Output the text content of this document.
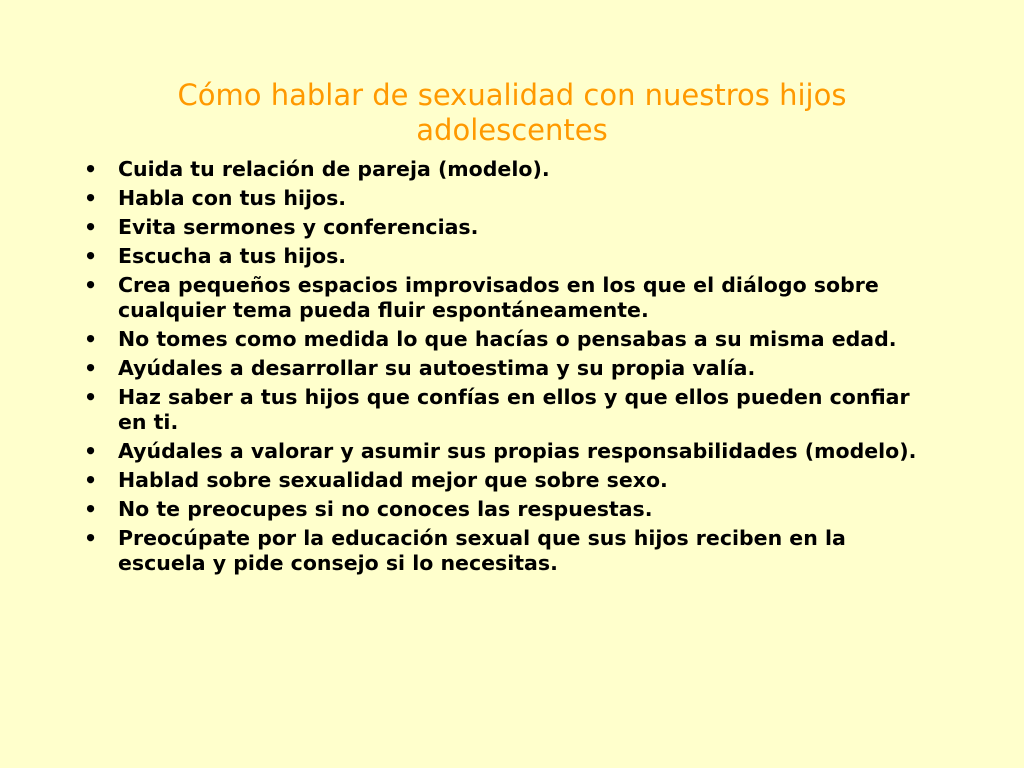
Cómo hablar de sexualidad con nuestros hijos
adolescentes
• Cuida tu relación de pareja (modelo).
• Habla con tus hijos.
• Evita sermones y conferencias.
• Escucha a tus hijos.
• Crea pequeños espacios improvisados en los que el diálogo sobre cualquier tema pueda fluir espontáneamente.
• No tomes como medida lo que hacías o pensabas a su misma edad.
• Ayúdales a desarrollar su autoestima y su propia valía.
• Haz saber a tus hijos que confías en ellos y que ellos pueden confiar en ti.
• Ayúdales a valorar y asumir sus propias responsabilidades (modelo).
• Hablad sobre sexualidad mejor que sobre sexo.
• No te preocupes si no conoces las respuestas.
• Preocúpate por la educación sexual que sus hijos reciben en la escuela y pide consejo si lo necesitas.
